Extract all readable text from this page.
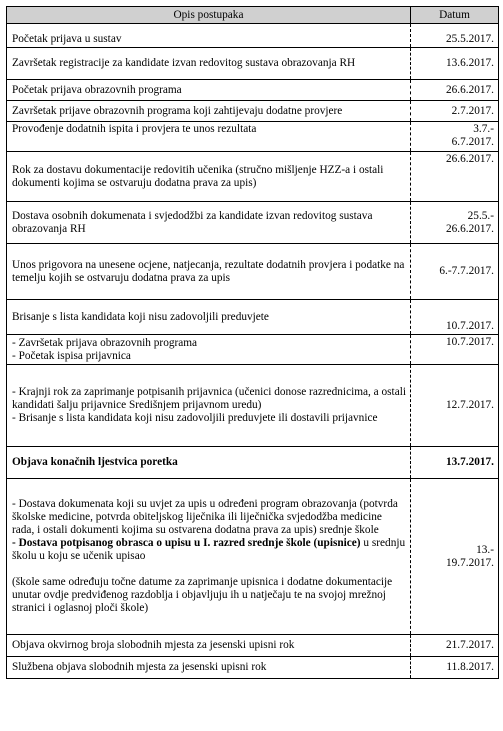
Opis postupaka	Datum
Početak prijava u sustav	25.5.2017.
Završetak registracije za kandidate izvan redovitog sustava obrazovanja RH	13.6.2017.
Početak prijava obrazovnih programa	26.6.2017.
Završetak prijave obrazovnih programa koji zahtijevaju dodatne provjere	2.7.2017.
Provođenje dodatnih ispita i provjera te unos rezultata	3.7.-
6.7.2017.

Rok za dostavu dokumentacije redovitih učenika (stručno mišljenje HZZ-a i ostali dokumenti kojima se ostvaruju dodatna prava za upis)	26.6.2017.
Dostava osobnih dokumenata i svjedodžbi za kandidate izvan redovitog sustava obrazovanja RH	25.5.-
26.6.2017.

Unos prigovora na unesene ocjene, natjecanja, rezultate dodatnih provjera i podatke na temelju kojih se ostvaruju dodatna prava za upis	6.-7.7.2017.
Brisanje s lista kandidata koji nisu zadovoljili preduvjete	10.7.2017.

- Završetak prijava obrazovnih programa
- Početak ispisa prijavnica	10.7.2017.

- Krajnji rok za zaprimanje potpisanih prijavnica (učenici donose razrednicima, a ostali kandidati šalju prijavnice Središnjem prijavnom uredu)
- Brisanje s lista kandidata koji nisu zadovoljili preduvjete ili dostavili prijavnice	12.7.2017.
Objava konačnih ljestvica poretka	13.7.2017.

- Dostava dokumenata koji su uvjet za upis u određeni program obrazovanja (potvrda školske medicine, potvrda obiteljskog liječnika ili liječnička svjedodžba medicine rada, i ostali dokumenti kojima su ostvarena dodatna prava za upis) srednje škole
- Dostava potpisanog obrasca o upisu u I. razred srednje škole (upisnice) u srednju školu u koju se učenik upisao
(škole same određuju točne datume za zaprimanje upisnica i dodatne dokumentacije unutar ovdje predviđenog razdoblja i objavljuju ih u natječaju te na svojoj mrežnoj stranici i oglasnoj ploči škole)	13.-
19.7.2017.

Objava okvirnog broja slobodnih mjesta za jesenski upisni rok	21.7.2017.
Službena objava slobodnih mjesta za jesenski upisni rok	11.8.2017.
